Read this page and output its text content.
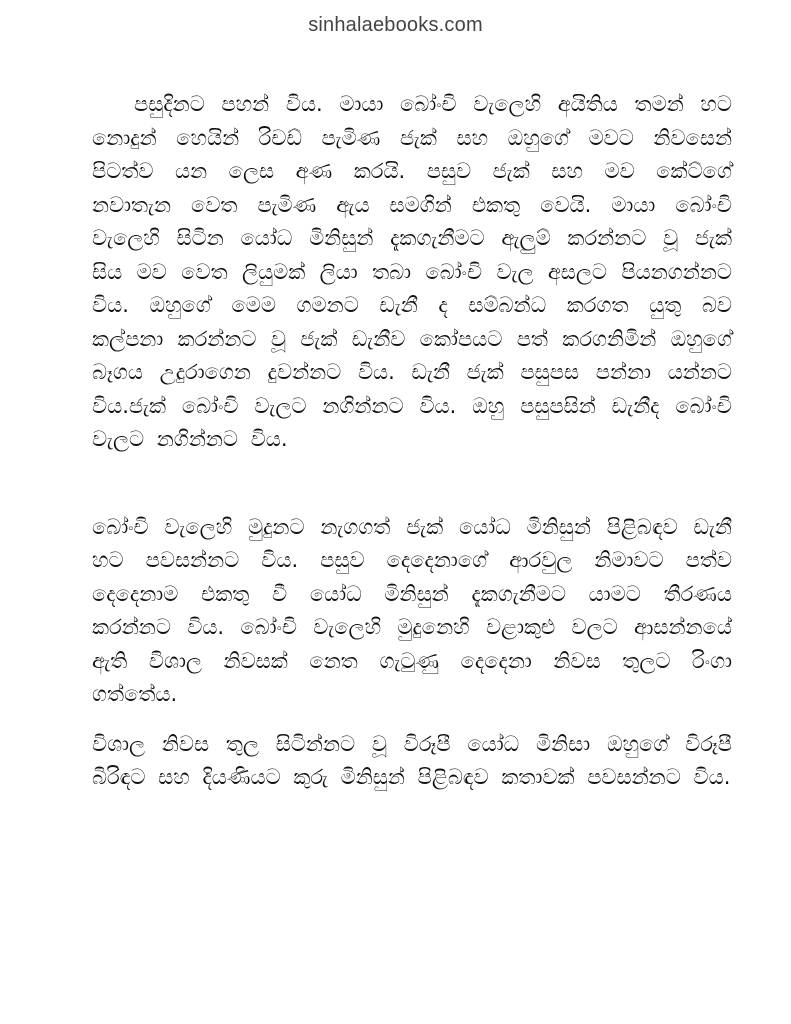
sinhalaebooks.com

පසුදිනට පහන් විය. මායා බෝංචි වැලෙහි අයිතිය තමන් හට නොදුන් හෙයින් රිචඩ් පැමිණ ජැක් සහ ඔහුගේ මවට නිවසෙන් පිටත්ව යන ලෙස අණ කරයි. පසුව ජැක් සහ මව කේට්ගේ නවාතැන වෙත පැමිණ ඇය සමගින් එකතු වෙයි. මායා බෝංචි වැලෙහි සිටින යෝධ මිනිසුන් දැකගැනීමට ඇලුම් කරන්නට වූ ජැක් සිය මව වෙත ලියුමක් ලියා තබා බෝංචි වැල අසලට පියනගන්නට විය. ඔහුගේ මෙම ගමනට ඩැනී ද සම්බන්ධ කරගත යුතු බව කල්පනා කරන්නට වූ ජැක් ඩැනීව කෝපයට පත් කරගනිමින් ඔහුගේ බෑගය උදුරාගෙන දුවන්නට විය. ඩැනී ජැක් පසුපස පන්නා යන්නට විය.ජැක් බෝංචි වැලට නගින්නට විය. ඔහු පසුපසින් ඩැනීද බෝංචි වැලට නගින්නට විය.

බෝංචි වැලෙහි මුදුනට නැගගත් ජැක් යෝධ මිනිසුන් පිළිබඳව ඩැනී හට පවසන්නට විය. පසුව දෙදෙනාගේ ආරවුල නිමාවට පත්ව දෙදෙනාම එකතු වී යෝධ මිනිසුන් දැකගැනීමට යාමට තීරණය කරන්නට විය. බෝංචි වැලෙහි මුදුනෙහි වළාකුළු වලට ආසන්නයේ ඇති විශාල නිවසක් නෙත ගැටුණු දෙදෙනා නිවස තුලට රිංගා ගත්තේය.

විශාල නිවස තුල සිටින්නට වූ විරූපී යෝධ මිනිසා ඔහුගේ විරූපී බිරිඳට සහ දියණියට කුරු මිනිසුන් පිළිබඳව කතාවක් පවසන්නට විය.
